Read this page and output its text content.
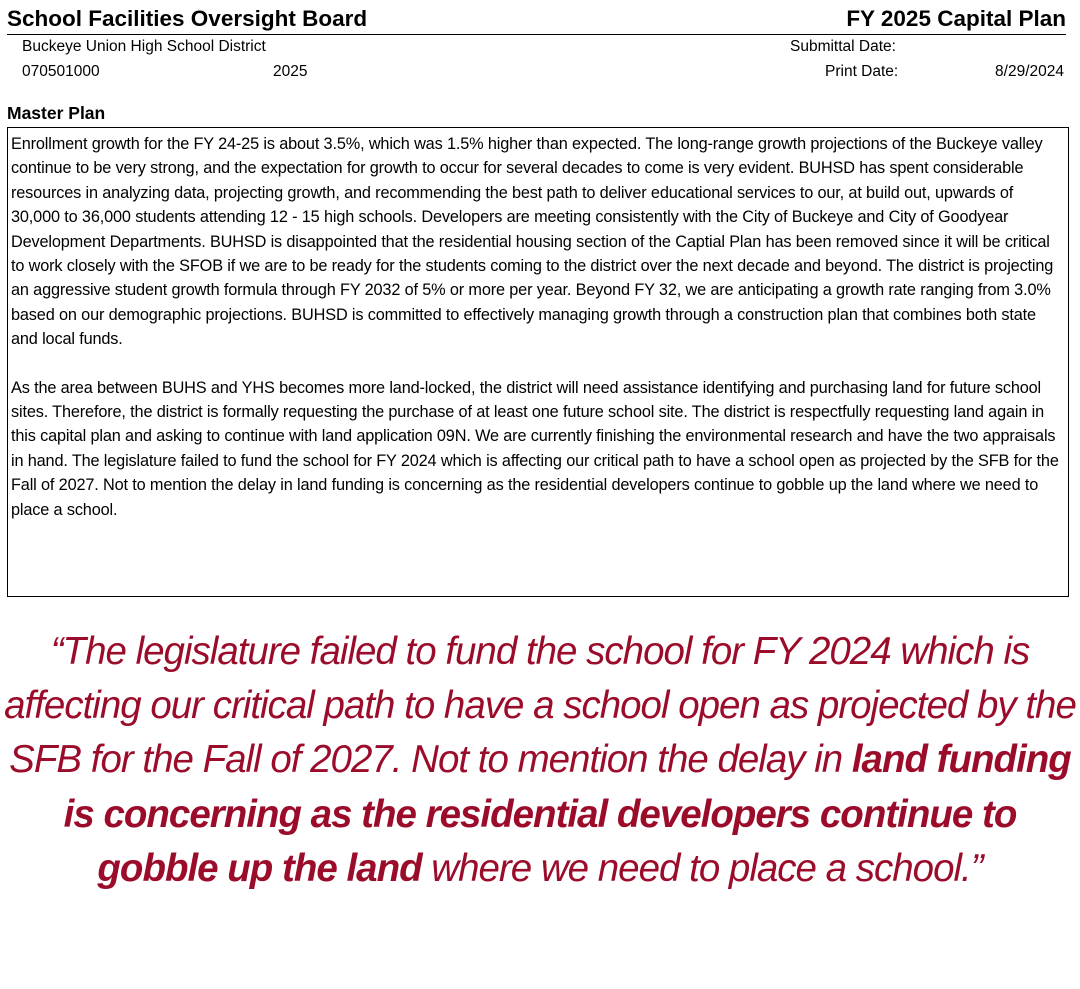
School Facilities Oversight Board	FY 2025 Capital Plan
Buckeye Union High School District	Submittal Date:
070501000	2025	Print Date:	8/29/2024
Master Plan

Enrollment growth for the FY 24-25 is about 3.5%, which was 1.5% higher than expected. The long-range growth projections of the Buckeye valley continue to be very strong, and the expectation for growth to occur for several decades to come is very evident. BUHSD has spent considerable resources in analyzing data, projecting growth, and recommending the best path to deliver educational services to our, at build out, upwards of 30,000 to 36,000 students attending 12 - 15 high schools. Developers are meeting consistently with the City of Buckeye and City of Goodyear Development Departments. BUHSD is disappointed that the residential housing section of the Captial Plan has been removed since it will be critical to work closely with the SFOB if we are to be ready for the students coming to the district over the next decade and beyond. The district is projecting an aggressive student growth formula through FY 2032 of 5% or more per year. Beyond FY 32, we are anticipating a growth rate ranging from 3.0% based on our demographic projections. BUHSD is committed to effectively managing growth through a construction plan that combines both state and local funds.

As the area between BUHS and YHS becomes more land-locked, the district will need assistance identifying and purchasing land for future school sites. Therefore, the district is formally requesting the purchase of at least one future school site. The district is respectfully requesting land again in this capital plan and asking to continue with land application 09N. We are currently finishing the environmental research and have the two appraisals in hand. The legislature failed to fund the school for FY 2024 which is affecting our critical path to have a school open as projected by the SFB for the Fall of 2027. Not to mention the delay in land funding is concerning as the residential developers continue to gobble up the land where we need to place a school.

“The legislature failed to fund the school for FY 2024 which is affecting our critical path to have a school open as projected by the SFB for the Fall of 2027. Not to mention the delay in land funding is concerning as the residential developers continue to gobble up the land where we need to place a school.”
